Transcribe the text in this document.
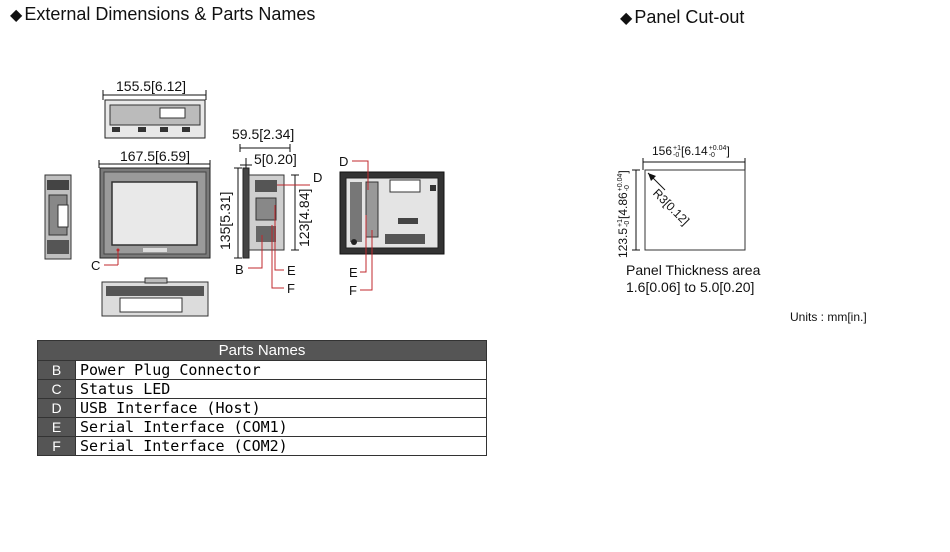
◆ External Dimensions & Parts Names	◆ Panel Cut-out
155.5[6.12]
167.5[6.59]
135[5.31]
59.5[2.34]
5[0.20]
123[4.84]
C	B
D
E
F
D
E
F
156 +1
-0 [6.14 +0.04
-0 ]
123.5
+1 -0
[4.86
+0.04 -0
]
R3[0.12]
Panel Thickness area
1.6[0.06] to 5.0[0.20]
Units : mm[in.]
Parts Names	
B	Power Plug Connector
C	Status LED
D	USB Interface (Host)
E	Serial Interface (COM1)
F	Serial Interface (COM2)
